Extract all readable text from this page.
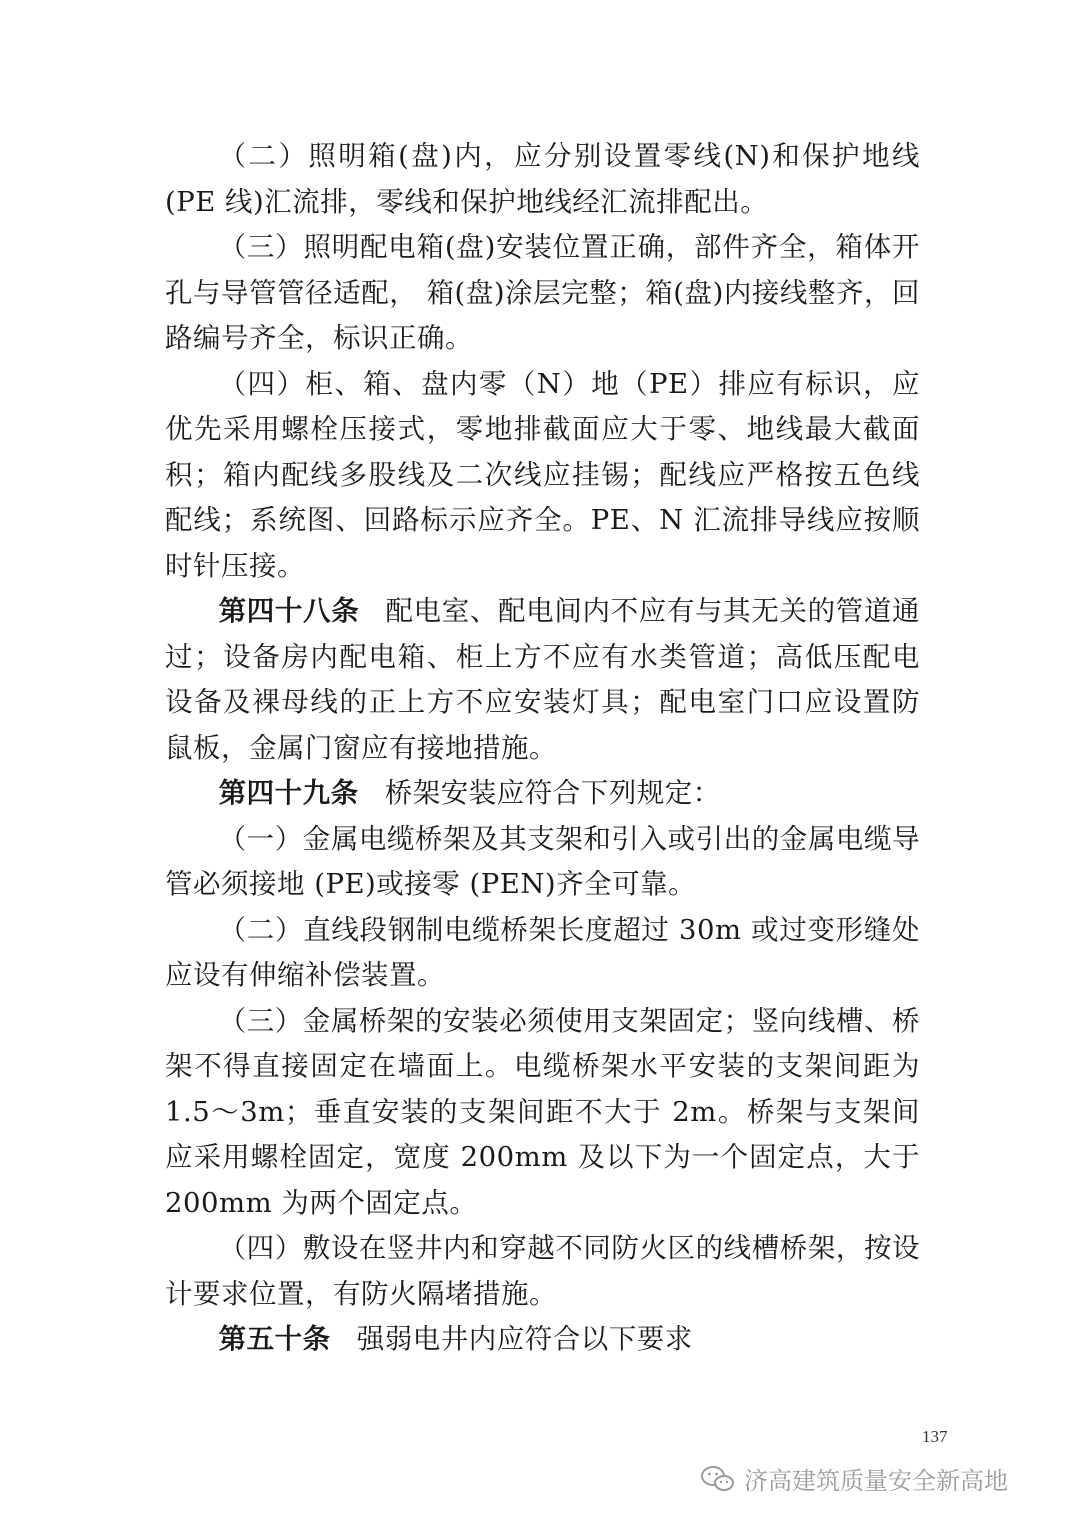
（二）照明箱(盘)内，应分别设置零线(N)和保护地线(PE 线)汇流排，零线和保护地线经汇流排配出。

（三）照明配电箱(盘)安装位置正确，部件齐全，箱体开孔与导管管径适配， 箱(盘)涂层完整；箱(盘)内接线整齐，回路编号齐全，标识正确。

（四）柜、箱、盘内零（N）地（PE）排应有标识，应优先采用螺栓压接式，零地排截面应大于零、地线最大截面积；箱内配线多股线及二次线应挂锡；配线应严格按五色线配线；系统图、回路标示应齐全。PE、N 汇流排导线应按顺时针压接。

第四十八条 配电室、配电间内不应有与其无关的管道通过；设备房内配电箱、柜上方不应有水类管道；高低压配电设备及裸母线的正上方不应安装灯具；配电室门口应设置防鼠板，金属门窗应有接地措施。

第四十九条 桥架安装应符合下列规定：

（一）金属电缆桥架及其支架和引入或引出的金属电缆导管必须接地 (PE)或接零 (PEN)齐全可靠。

（二）直线段钢制电缆桥架长度超过 30m 或过变形缝处应设有伸缩补偿装置。

（三）金属桥架的安装必须使用支架固定；竖向线槽、桥架不得直接固定在墙面上。电缆桥架水平安装的支架间距为 1.5～3m；垂直安装的支架间距不大于 2m。桥架与支架间应采用螺栓固定，宽度 200mm 及以下为一个固定点，大于200mm 为两个固定点。

（四）敷设在竖井内和穿越不同防火区的线槽桥架，按设计要求位置，有防火隔堵措施。

第五十条 强弱电井内应符合以下要求

137
济高建筑质量安全新高地
